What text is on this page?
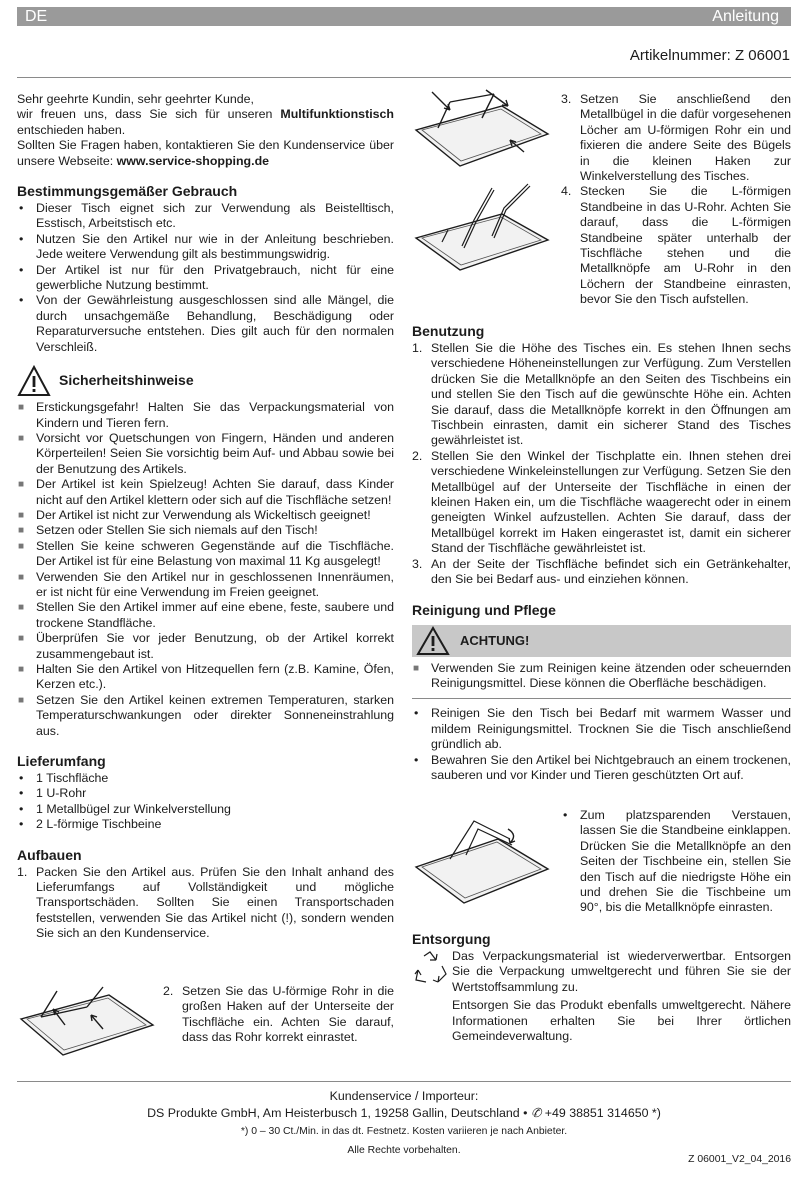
DE	Anleitung
Artikelnummer: Z 06001

Sehr geehrte Kundin, sehr geehrter Kunde,

wir freuen uns, dass Sie sich für unseren Multifunktionstisch entschieden haben.

Sollten Sie Fragen haben, kontaktieren Sie den Kundenservice über unsere Webseite: www.service-shopping.de

Bestimmungsgemäßer Gebrauch
• Dieser Tisch eignet sich zur Verwendung als Beistelltisch, Esstisch, Arbeitstisch etc.
• Nutzen Sie den Artikel nur wie in der Anleitung beschrieben. Jede weitere Verwendung gilt als bestimmungswidrig.
• Der Artikel ist nur für den Privatgebrauch, nicht für eine gewerbliche Nutzung bestimmt.
• Von der Gewährleistung ausgeschlossen sind alle Mängel, die durch unsachgemäße Behandlung, Beschädigung oder Reparaturversuche entstehen. Dies gilt auch für den normalen Verschleiß.
Sicherheitshinweise
■ Erstickungsgefahr! Halten Sie das Verpackungsmaterial von Kindern und Tieren fern.
■ Vorsicht vor Quetschungen von Fingern, Händen und anderen Körperteilen! Seien Sie vorsichtig beim Auf- und Abbau sowie bei der Benutzung des Artikels.
■ Der Artikel ist kein Spielzeug! Achten Sie darauf, dass Kinder nicht auf den Artikel klettern oder sich auf die Tischfläche setzen!
■ Der Artikel ist nicht zur Verwendung als Wickeltisch geeignet!
■ Setzen oder Stellen Sie sich niemals auf den Tisch!
■ Stellen Sie keine schweren Gegenstände auf die Tischfläche. Der Artikel ist für eine Belastung von maximal 11 Kg ausgelegt!
■ Verwenden Sie den Artikel nur in geschlossenen Innenräumen, er ist nicht für eine Verwendung im Freien geeignet.
■ Stellen Sie den Artikel immer auf eine ebene, feste, saubere und trockene Standfläche.
■ Überprüfen Sie vor jeder Benutzung, ob der Artikel korrekt zusammengebaut ist.
■ Halten Sie den Artikel von Hitzequellen fern (z.B. Kamine, Öfen, Kerzen etc.).
■ Setzen Sie den Artikel keinen extremen Temperaturen, starken Temperaturschwankungen oder direkter Sonneneinstrahlung aus.
Lieferumfang
• 1 Tischfläche
• 1 U-Rohr
• 1 Metallbügel zur Winkelverstellung
• 2 L-förmige Tischbeine
Aufbauen
1. Packen Sie den Artikel aus. Prüfen Sie den Inhalt anhand des Lieferumfangs auf Vollständigkeit und mögliche Transportschäden. Sollten Sie einen Transportschaden feststellen, verwenden Sie das Artikel nicht (!), sondern wenden Sie sich an den Kundenservice.
2. Setzen Sie das U-förmige Rohr in die großen Haken auf der Unterseite der Tischfläche ein. Achten Sie darauf, dass das Rohr korrekt einrastet.
3. Setzen Sie anschließend den Metallbügel in die dafür vorgesehenen Löcher am U-förmigen Rohr ein und fixieren die andere Seite des Bügels in die kleinen Haken zur Winkelverstellung des Tisches.
4. Stecken Sie die L-förmigen Standbeine in das U-Rohr. Achten Sie darauf, dass die L-förmigen Standbeine später unterhalb der Tischfläche stehen und die Metallknöpfe am U-Rohr in den Löchern der Standbeine einrasten, bevor Sie den Tisch aufstellen.
Benutzung
1. Stellen Sie die Höhe des Tisches ein. Es stehen Ihnen sechs verschiedene Höheneinstellungen zur Verfügung. Zum Verstellen drücken Sie die Metallknöpfe an den Seiten des Tischbeins ein und stellen Sie den Tisch auf die gewünschte Höhe ein. Achten Sie darauf, dass die Metallknöpfe korrekt in den Öffnungen am Tischbein einrasten, damit ein sicherer Stand des Tisches gewährleistet ist.
2. Stellen Sie den Winkel der Tischplatte ein. Ihnen stehen drei verschiedene Winkeleinstellungen zur Verfügung. Setzen Sie den Metallbügel auf der Unterseite der Tischfläche in einen der kleinen Haken ein, um die Tischfläche waagerecht oder in einem geneigten Winkel aufzustellen. Achten Sie darauf, dass der Metallbügel korrekt im Haken eingerastet ist, damit ein sicherer Stand der Tischfläche gewährleistet ist.
3. An der Seite der Tischfläche befindet sich ein Getränkehalter, den Sie bei Bedarf aus- und einziehen können.
Reinigung und Pflege
ACHTUNG!
■ Verwenden Sie zum Reinigen keine ätzenden oder scheuernden Reinigungsmittel. Diese können die Oberfläche beschädigen.
• Reinigen Sie den Tisch bei Bedarf mit warmem Wasser und mildem Reinigungsmittel. Trocknen Sie die Tisch anschließend gründlich ab.
• Bewahren Sie den Artikel bei Nichtgebrauch an einem trockenen, sauberen und vor Kinder und Tieren geschützten Ort auf.
• Zum platzsparenden Verstauen, lassen Sie die Standbeine einklappen. Drücken Sie die Metallknöpfe an den Seiten der Tischbeine ein, stellen Sie den Tisch auf die niedrigste Höhe ein und drehen Sie die Tischbeine um 90°, bis die Metallknöpfe einrasten.
Entsorgung

Das Verpackungsmaterial ist wiederverwertbar. Entsorgen Sie die Verpackung umweltgerecht und führen Sie sie der Wertstoffsammlung zu.

Entsorgen Sie das Produkt ebenfalls umweltgerecht. Nähere Informationen erhalten Sie bei Ihrer örtlichen Gemeindeverwaltung.

Kundenservice / Importeur:
DS Produkte GmbH, Am Heisterbusch 1, 19258 Gallin, Deutschland • ✆ +49 38851 314650 *)
*) 0 – 30 Ct./Min. in das dt. Festnetz. Kosten variieren je nach Anbieter.
Alle Rechte vorbehalten.
Z 06001_V2_04_2016
